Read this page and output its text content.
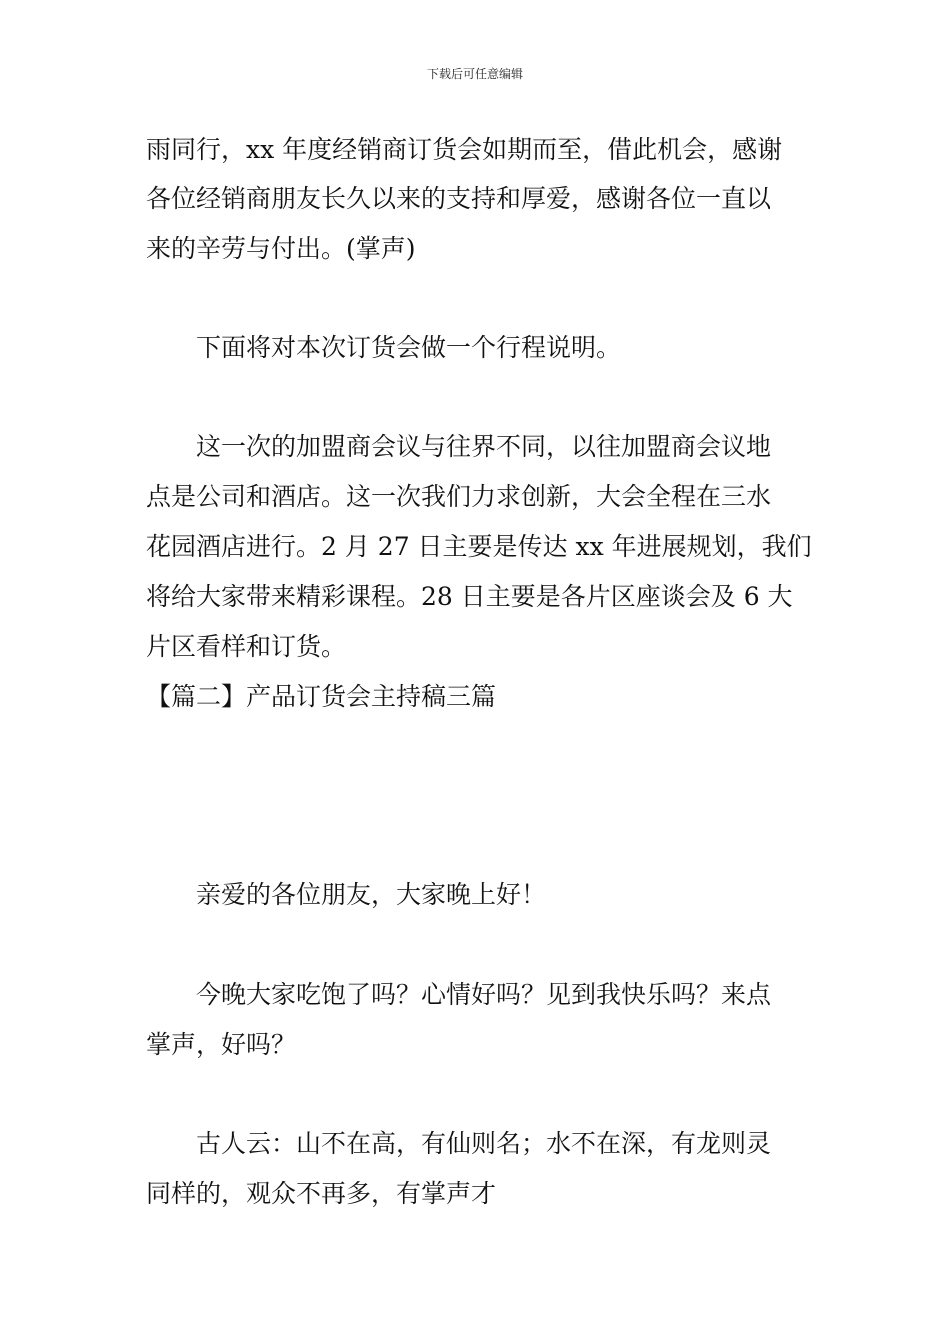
下载后可任意编辑
雨同行，xx 年度经销商订货会如期而至，借此机会，感谢
各位经销商朋友长久以来的支持和厚爱，感谢各位一直以
来的辛劳与付出。(掌声)
下面将对本次订货会做一个行程说明。
这一次的加盟商会议与往界不同，以往加盟商会议地
点是公司和酒店。这一次我们力求创新，大会全程在三水
花园酒店进行。2 月 27 日主要是传达 xx 年进展规划，我们
将给大家带来精彩课程。28 日主要是各片区座谈会及 6 大
片区看样和订货。
【篇二】产品订货会主持稿三篇
亲爱的各位朋友，大家晚上好！
今晚大家吃饱了吗？心情好吗？见到我快乐吗？来点
掌声，好吗？
古人云：山不在高，有仙则名；水不在深，有龙则灵
同样的，观众不再多，有掌声才
